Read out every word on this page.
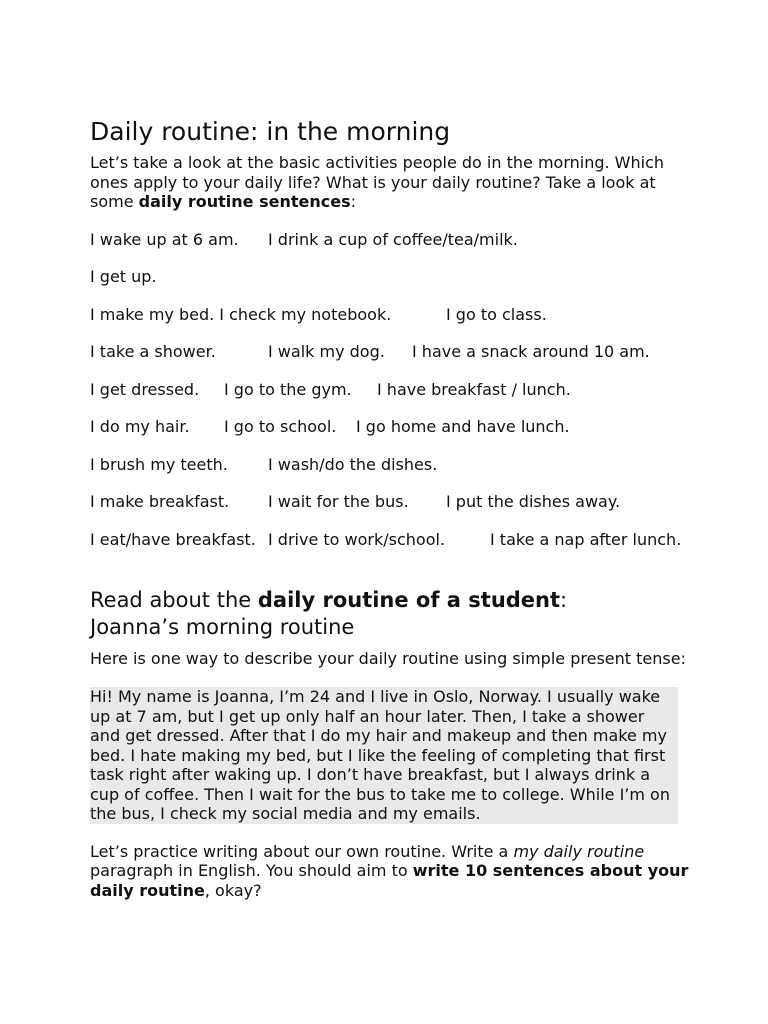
Daily routine: in the morning

Let’s take a look at the basic activities people do in the morning. Which ones apply to your daily life? What is your daily routine? Take a look at some daily routine sentences:

I wake up at 6 am. I drink a cup of coffee/tea/milk.
I get up.
I make my bed. I check my notebook.	I go to class.
I take a shower.	I walk my dog. I have a snack around 10 am.
I get dressed. I go to the gym. I have breakfast / lunch.
I do my hair. I go to school. I go home and have lunch.
I brush my teeth.	I wash/do the dishes.
I make breakfast. I wait for the bus. I put the dishes away.
I eat/have breakfast. I drive to work/school.	I take a nap after lunch.
Read about the daily routine of a student:
Joanna’s morning routine

Here is one way to describe your daily routine using simple present tense:

Hi! My name is Joanna, I’m 24 and I live in Oslo, Norway. I usually wake up at 7 am, but I get up only half an hour later. Then, I take a shower and get dressed. After that I do my hair and makeup and then make my bed. I hate making my bed, but I like the feeling of completing that first task right after waking up. I don’t have breakfast, but I always drink a cup of coffee. Then I wait for the bus to take me to college. While I’m on the bus, I check my social media and my emails.

Let’s practice writing about our own routine. Write a my daily routine paragraph in English. You should aim to write 10 sentences about your daily routine, okay?
